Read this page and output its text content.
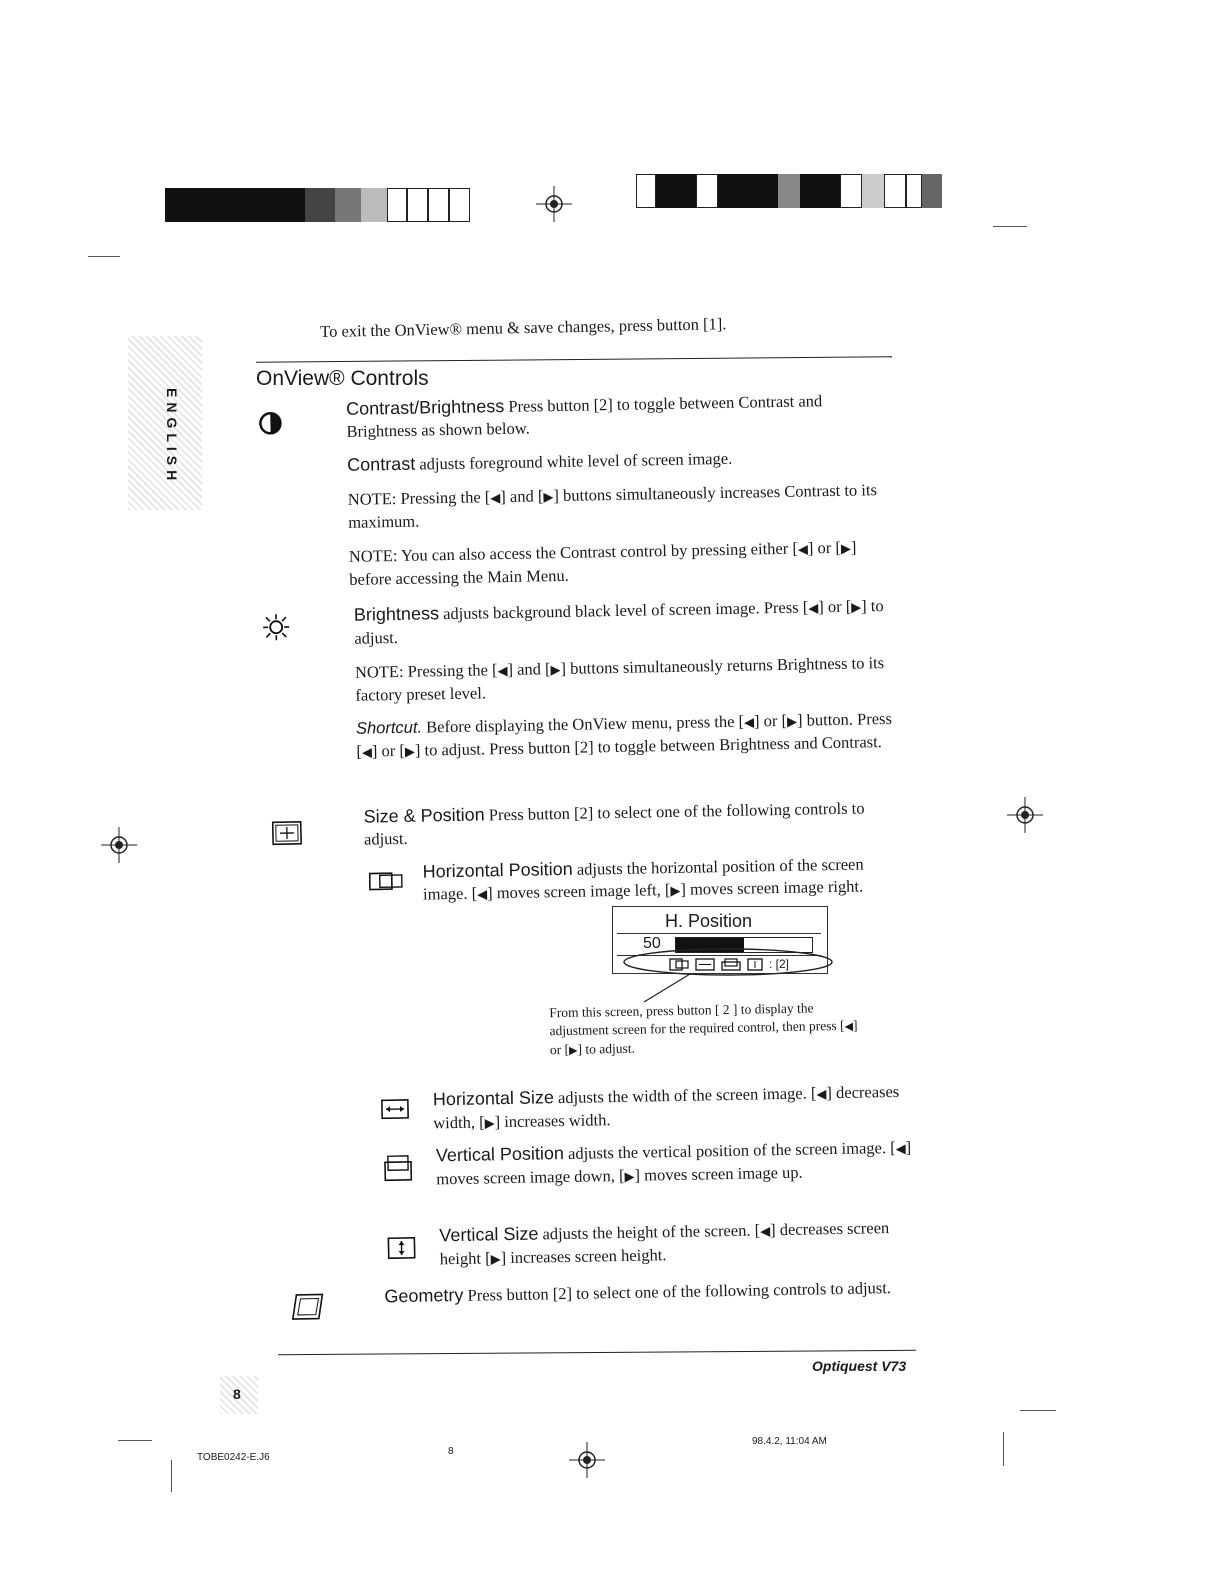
ENGLISH
To exit the OnView® menu & save changes, press button [1].
OnView® Controls
Contrast/Brightness Press button [2] to toggle between Contrast and Brightness as shown below.
Contrast adjusts foreground white level of screen image.
NOTE: Pressing the [◀] and [▶] buttons simultaneously increases Contrast to its maximum.
NOTE: You can also access the Contrast control by pressing either [◀] or [▶] before accessing the Main Menu.
Brightness adjusts background black level of screen image. Press [◀] or [▶] to adjust.
NOTE: Pressing the [◀] and [▶] buttons simultaneously returns Brightness to its factory preset level.
Shortcut. Before displaying the OnView menu, press the [◀] or [▶] button. Press [◀] or [▶] to adjust. Press button [2] to toggle between Brightness and Contrast.
Size & Position Press button [2] to select one of the following controls to adjust.
Horizontal Position adjusts the horizontal position of the screen image. [◀] moves screen image left, [▶] moves screen image right.
From this screen, press button [ 2 ] to display the adjustment screen for the required control, then press [◀] or [▶] to adjust.
Horizontal Size adjusts the width of the screen image. [◀] decreases width, [▶] increases width.
Vertical Position adjusts the vertical position of the screen image. [◀] moves screen image down, [▶] moves screen image up.
Vertical Size adjusts the height of the screen. [◀] decreases screen height [▶] increases screen height.
Geometry Press button [2] to select one of the following controls to adjust.
H. Position
50
: [2]
Optiquest V73
8
TOBE0242-E.J6
8
98.4.2, 11:04 AM
